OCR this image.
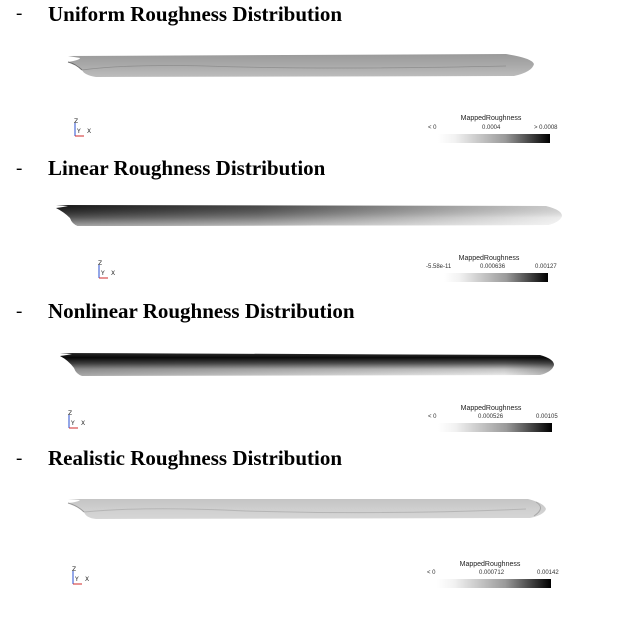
- Uniform Roughness Distribution
Z
Y X
MappedRoughness
< 0	0.0004	> 0.0008
- Linear Roughness Distribution
Z
Y X
MappedRoughness
-5.58e-11	0.000636	0.00127
- Nonlinear Roughness Distribution
Z
Y X
MappedRoughness
< 0	0.000526	0.00105
- Realistic Roughness Distribution
Z
Y X
MappedRoughness
< 0	0.000712	0.00142
